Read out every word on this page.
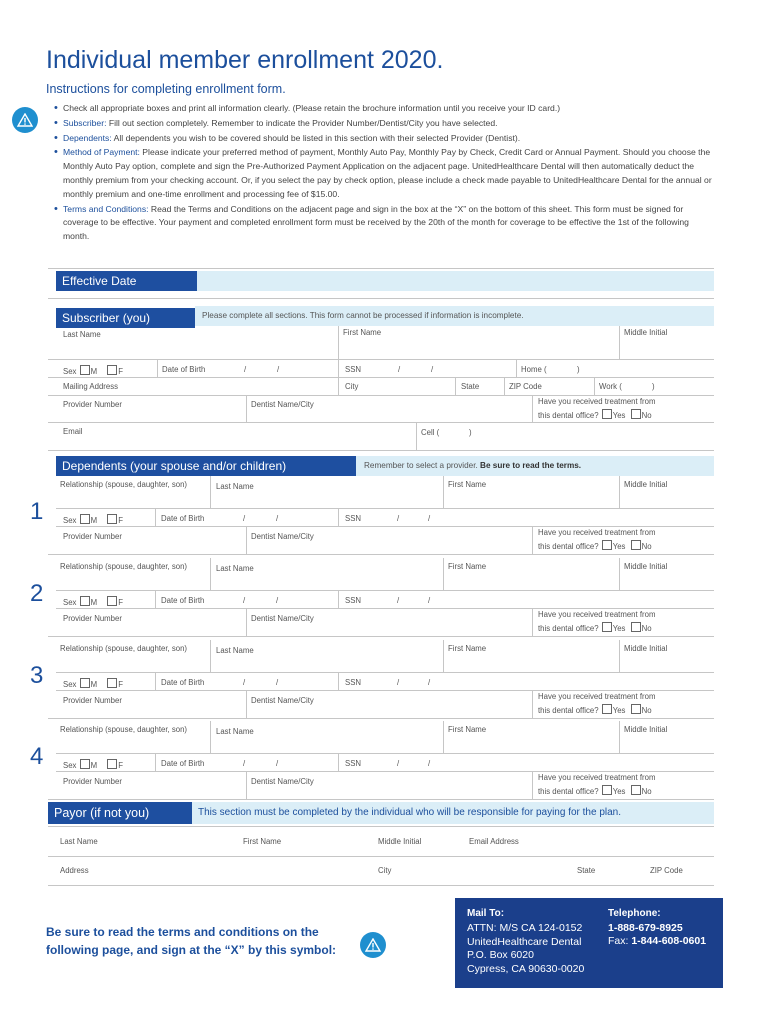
Individual member enrollment 2020.
Instructions for completing enrollment form.
• Check all appropriate boxes and print all information clearly. (Please retain the brochure information until you receive your ID card.)
• Subscriber: Fill out section completely. Remember to indicate the Provider Number/Dentist/City you have selected.
• Dependents: All dependents you wish to be covered should be listed in this section with their selected Provider (Dentist).
• Method of Payment: Please indicate your preferred method of payment, Monthly Auto Pay, Monthly Pay by Check, Credit Card or Annual Payment. Should you choose the Monthly Auto Pay option, complete and sign the Pre-Authorized Payment Application on the adjacent page. UnitedHealthcare Dental will then automatically deduct the monthly premium from your checking account. Or, if you select the pay by check option, please include a check made payable to UnitedHealthcare Dental for the annual or monthly premium and one-time enrollment and processing fee of $15.00.
• Terms and Conditions: Read the Terms and Conditions on the adjacent page and sign in the box at the “X” on the bottom of this sheet. This form must be signed for coverage to be effective. Your payment and completed enrollment form must be received by the 20th of the month for coverage to be effective the 1st of the following month.
Effective Date
Subscriber (you)	Please complete all sections. This form cannot be processed if information is incomplete.
Last Name	First Name	Middle Initial
Sex M	F	Date of Birth	/	/	SSN	/	/	Home (	)
Mailing Address	City	State	ZIP Code	Work (	)
Provider Number	Dentist Name/City	Have you received treatment from
this dental office? Yes No
Email	Cell (	)
Dependents (your spouse and/or children)	Remember to select a provider. Be sure to read the terms.
1
Relationship (spouse, daughter, son)	Last Name	First Name	Middle Initial
Sex M	F	Date of Birth	/	/	SSN	/	/
Provider Number	Dentist Name/City	Have you received treatment from
this dental office? Yes No
2
Relationship (spouse, daughter, son)	Last Name	First Name	Middle Initial
Sex M	F	Date of Birth	/	/	SSN	/	/
Provider Number	Dentist Name/City	Have you received treatment from
this dental office? Yes No
3
Relationship (spouse, daughter, son)	Last Name	First Name	Middle Initial
Sex M	F	Date of Birth	/	/	SSN	/	/
Provider Number	Dentist Name/City	Have you received treatment from
this dental office? Yes No
4
Relationship (spouse, daughter, son)	Last Name	First Name	Middle Initial
Sex M	F	Date of Birth	/	/	SSN	/	/
Provider Number	Dentist Name/City	Have you received treatment from
this dental office? Yes No
Payor (if not you)	This section must be completed by the individual who will be responsible for paying for the plan.
Last Name	First Name	Middle Initial	Email Address
Address	City	State	ZIP Code
Be sure to read the terms and conditions on the
following page, and sign at the “X” by this symbol:
Mail To:
ATTN: M/S CA 124-0152
UnitedHealthcare Dental
P.O. Box 6020
Cypress, CA 90630-0020
Telephone:
1-888-679-8925
Fax: 1-844-608-0601
